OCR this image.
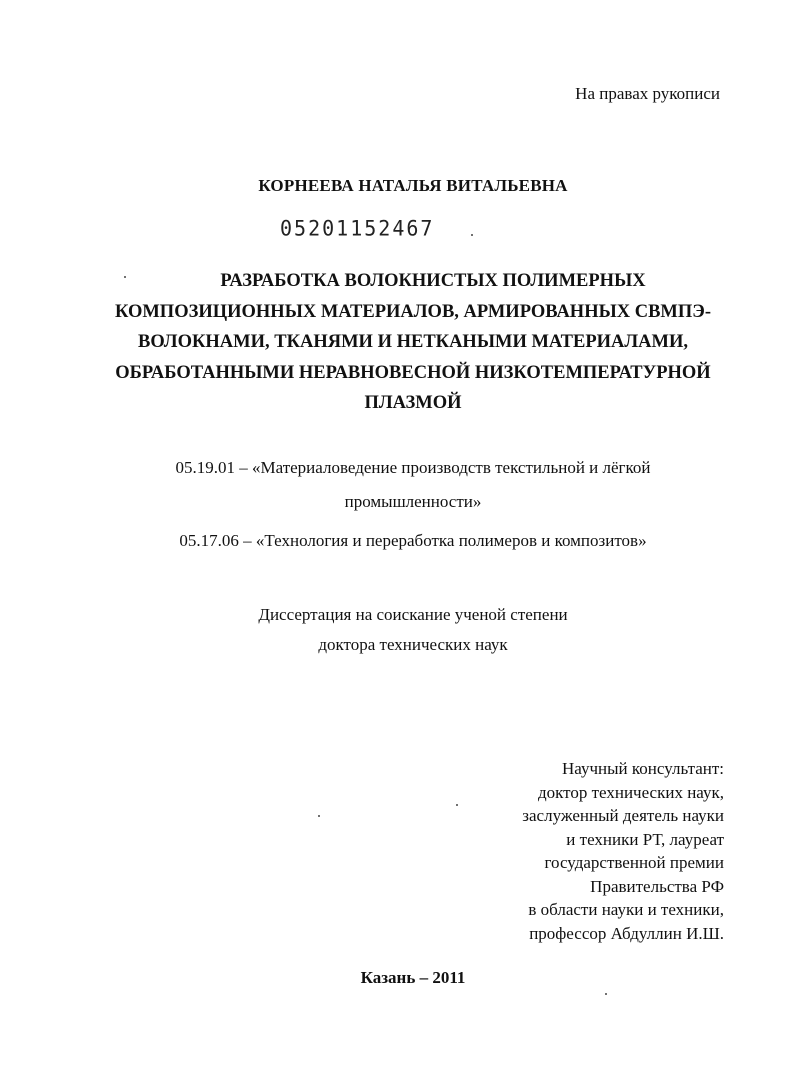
На правах рукописи
КОРНЕЕВА НАТАЛЬЯ ВИТАЛЬЕВНА
05201152467
РАЗРАБОТКА ВОЛОКНИСТЫХ ПОЛИМЕРНЫХ
КОМПОЗИЦИОННЫХ МАТЕРИАЛОВ, АРМИРОВАННЫХ СВМПЭ-
ВОЛОКНАМИ, ТКАНЯМИ И НЕТКАНЫМИ МАТЕРИАЛАМИ,
ОБРАБОТАННЫМИ НЕРАВНОВЕСНОЙ НИЗКОТЕМПЕРАТУРНОЙ
ПЛАЗМОЙ
05.19.01 – «Материаловедение производств текстильной и лёгкой
промышленности»
05.17.06 – «Технология и переработка полимеров и композитов»
Диссертация на соискание ученой степени
доктора технических наук
Научный консультант:
доктор технических наук,
заслуженный деятель науки
и техники РТ, лауреат
государственной премии
Правительства РФ
в области науки и техники,
профессор Абдуллин И.Ш.
Казань – 2011
